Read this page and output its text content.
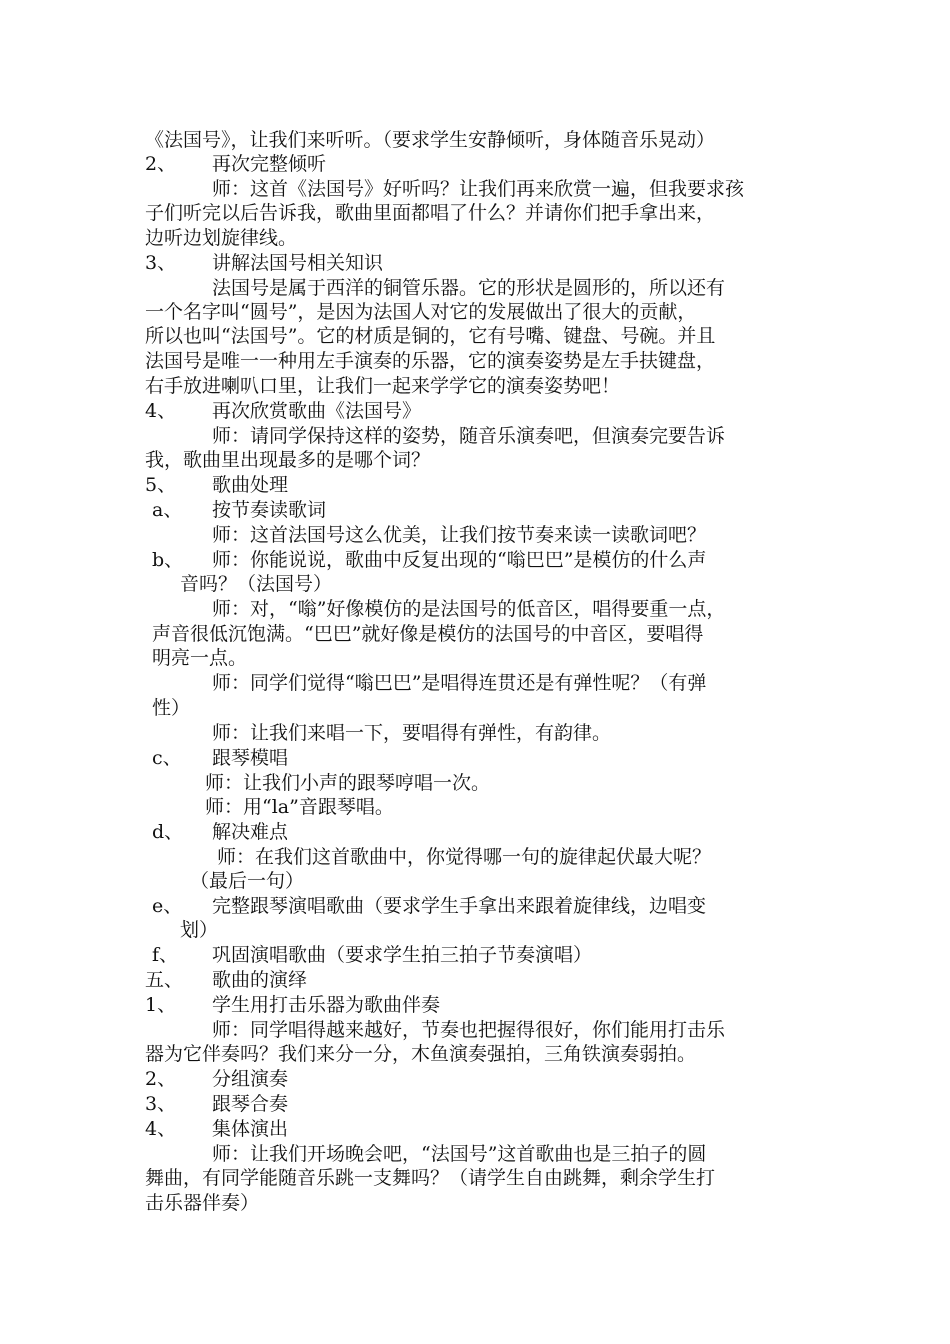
《法国号》，让我们来听听。（要求学生安静倾听，身体随音乐晃动）
2、 再次完整倾听
师：这首《法国号》好听吗？让我们再来欣赏一遍，但我要求孩
子们听完以后告诉我，歌曲里面都唱了什么？并请你们把手拿出来，
边听边划旋律线。
3、 讲解法国号相关知识
法国号是属于西洋的铜管乐器。它的形状是圆形的，所以还有
一个名字叫“圆号”，是因为法国人对它的发展做出了很大的贡献，
所以也叫“法国号”。它的材质是铜的，它有号嘴、键盘、号碗。并且
法国号是唯一一种用左手演奏的乐器，它的演奏姿势是左手扶键盘，
右手放进喇叭口里，让我们一起来学学它的演奏姿势吧！
4、 再次欣赏歌曲《法国号》
师：请同学保持这样的姿势，随音乐演奏吧，但演奏完要告诉
我，歌曲里出现最多的是哪个词？
5、 歌曲处理
a、 按节奏读歌词
师：这首法国号这么优美，让我们按节奏来读一读歌词吧？
b、 师：你能说说，歌曲中反复出现的“嗡巴巴”是模仿的什么声
音吗？（法国号）
师：对，“嗡”好像模仿的是法国号的低音区，唱得要重一点，
声音很低沉饱满。“巴巴”就好像是模仿的法国号的中音区，要唱得
明亮一点。
师：同学们觉得“嗡巴巴”是唱得连贯还是有弹性呢？（有弹
性）
师：让我们来唱一下，要唱得有弹性，有韵律。
c、 跟琴模唱
师：让我们小声的跟琴哼唱一次。
师：用“la”音跟琴唱。
d、 解决难点
师：在我们这首歌曲中，你觉得哪一句的旋律起伏最大呢？
（最后一句）
e、 完整跟琴演唱歌曲（要求学生手拿出来跟着旋律线，边唱变
划）
f、 巩固演唱歌曲（要求学生拍三拍子节奏演唱）
五、 歌曲的演绎
1、 学生用打击乐器为歌曲伴奏
师：同学唱得越来越好，节奏也把握得很好，你们能用打击乐
器为它伴奏吗？我们来分一分，木鱼演奏强拍，三角铁演奏弱拍。
2、 分组演奏
3、 跟琴合奏
4、 集体演出
师：让我们开场晚会吧，“法国号”这首歌曲也是三拍子的圆
舞曲，有同学能随音乐跳一支舞吗？（请学生自由跳舞，剩余学生打
击乐器伴奏）
